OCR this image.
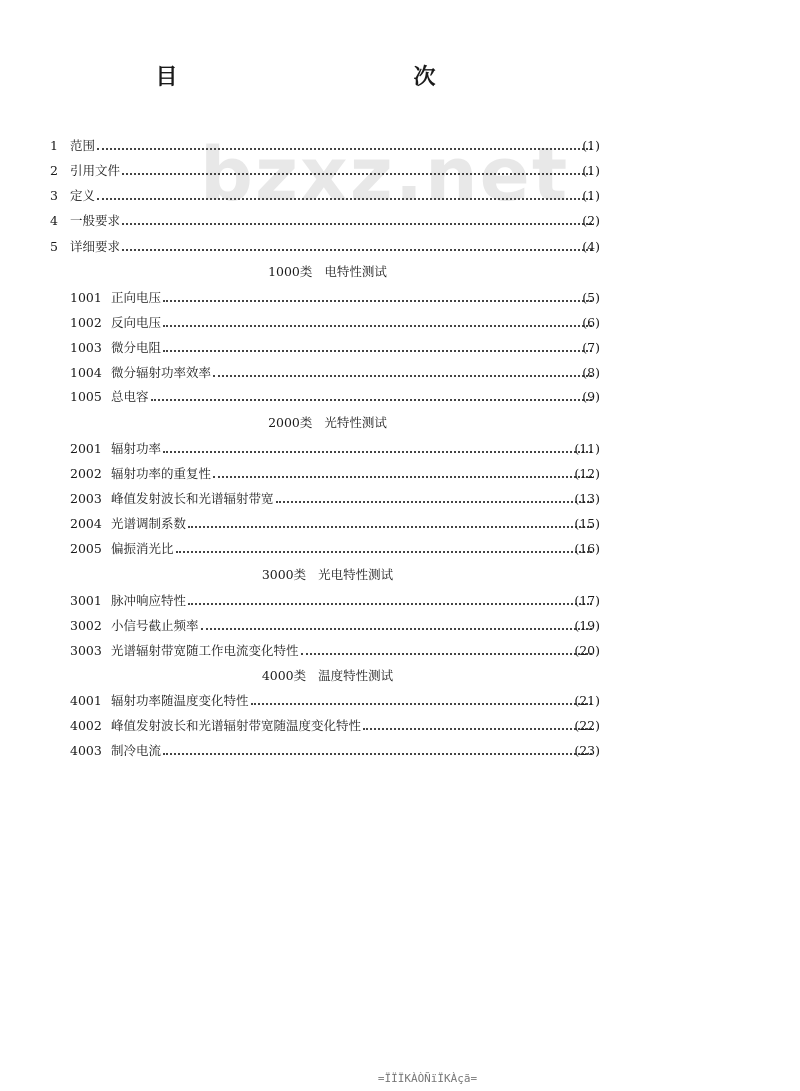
bzxz.net
目　　次
1 范围	(1)
2 引用文件	(1)
3 定义	(1)
4 一般要求	(2)
5 详细要求	(4)
1000类 电特性测试
1001 正向电压	(5)
1002 反向电压	(6)
1003 微分电阻	(7)
1004 微分辐射功率效率	(8)
1005 总电容	(9)
2000类 光特性测试
2001 辐射功率	(11)
2002 辐射功率的重复性	(12)
2003 峰值发射波长和光谱辐射带宽	(13)
2004 光谱调制系数	(15)
2005 偏振消光比	(16)
3000类 光电特性测试
3001 脉冲响应特性	(17)
3002 小信号截止频率	(19)
3003 光谱辐射带宽随工作电流变化特性	(20)
4000类 温度特性测试
4001 辐射功率随温度变化特性	(21)
4002 峰值发射波长和光谱辐射带宽随温度变化特性	(22)
4003 制冷电流	(23)
=ÏÏÏKÀÒÑïÏKÀçã=
